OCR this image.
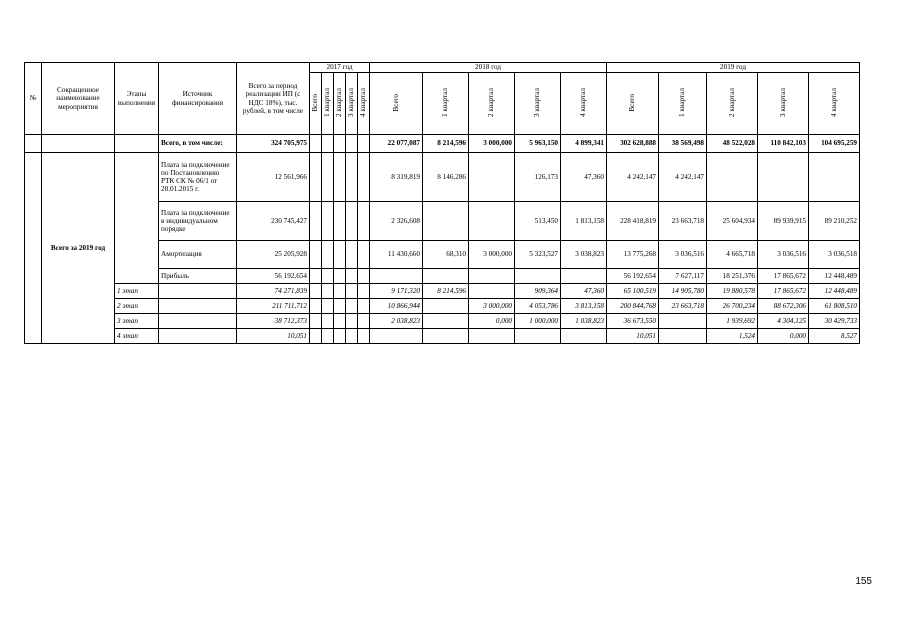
№	Сокращенное наименование мероприятия	Этапы выполнения	Источник финансирования	Всего за период реализации ИП (с НДС 18%), тыс. рублей, в том числе	2017 год					2018 год					2019 год				
					Всего	1 квартал	2 квартал	3 квартал	4 квартал	Всего	1 квартал	2 квартал	3 квартал	4 квартал	Всего	1 квартал	2 квартал	3 квартал	4 квартал
			Всего, в том числе:	324 705,975						22 077,087	8 214,596	3 000,000	5 963,150	4 899,341	302 628,888	38 569,498	48 522,028	110 842,103	104 695,259
	Всего за 2019 год		Плата за подключение по Постановлению РТК СК № 06/1 от 28.01.2015 г.	12 561,966						8 319,819	8 146,286		126,173	47,360	4 242,147	4 242,147			
			Плата за подключение в индивидуальном порядке	230 745,427						2 326,608			513,450	1 813,158	228 418,819	23 663,718	25 604,934	89 939,915	89 210,252
			Амортизация	25 205,928						11 430,660	68,310	3 000,000	5 323,527	3 038,823	13 775,268	3 036,516	4 665,718	3 036,516	3 036,518
			Прибыль	56 192,654											56 192,654	7 627,117	18 251,376	17 865,672	12 448,489
		1 этап		74 271,839						9 171,320	8 214,596		909,364	47,360	65 100,519	14 905,780	19 880,578	17 865,672	12 448,489
		2 этап		211 711,712						10 866,944		3 000,000	4 053,786	3 813,158	200 844,768	23 663,718	26 700,234	88 672,306	61 808,510
		3 этап		38 712,373						2 038,823		0,000	1 000,000	1 038,823	36 673,550		1 939,692	4 304,125	30 429,733
		4 этап		10,051											10,051		1,524	0,000	8,527
155
